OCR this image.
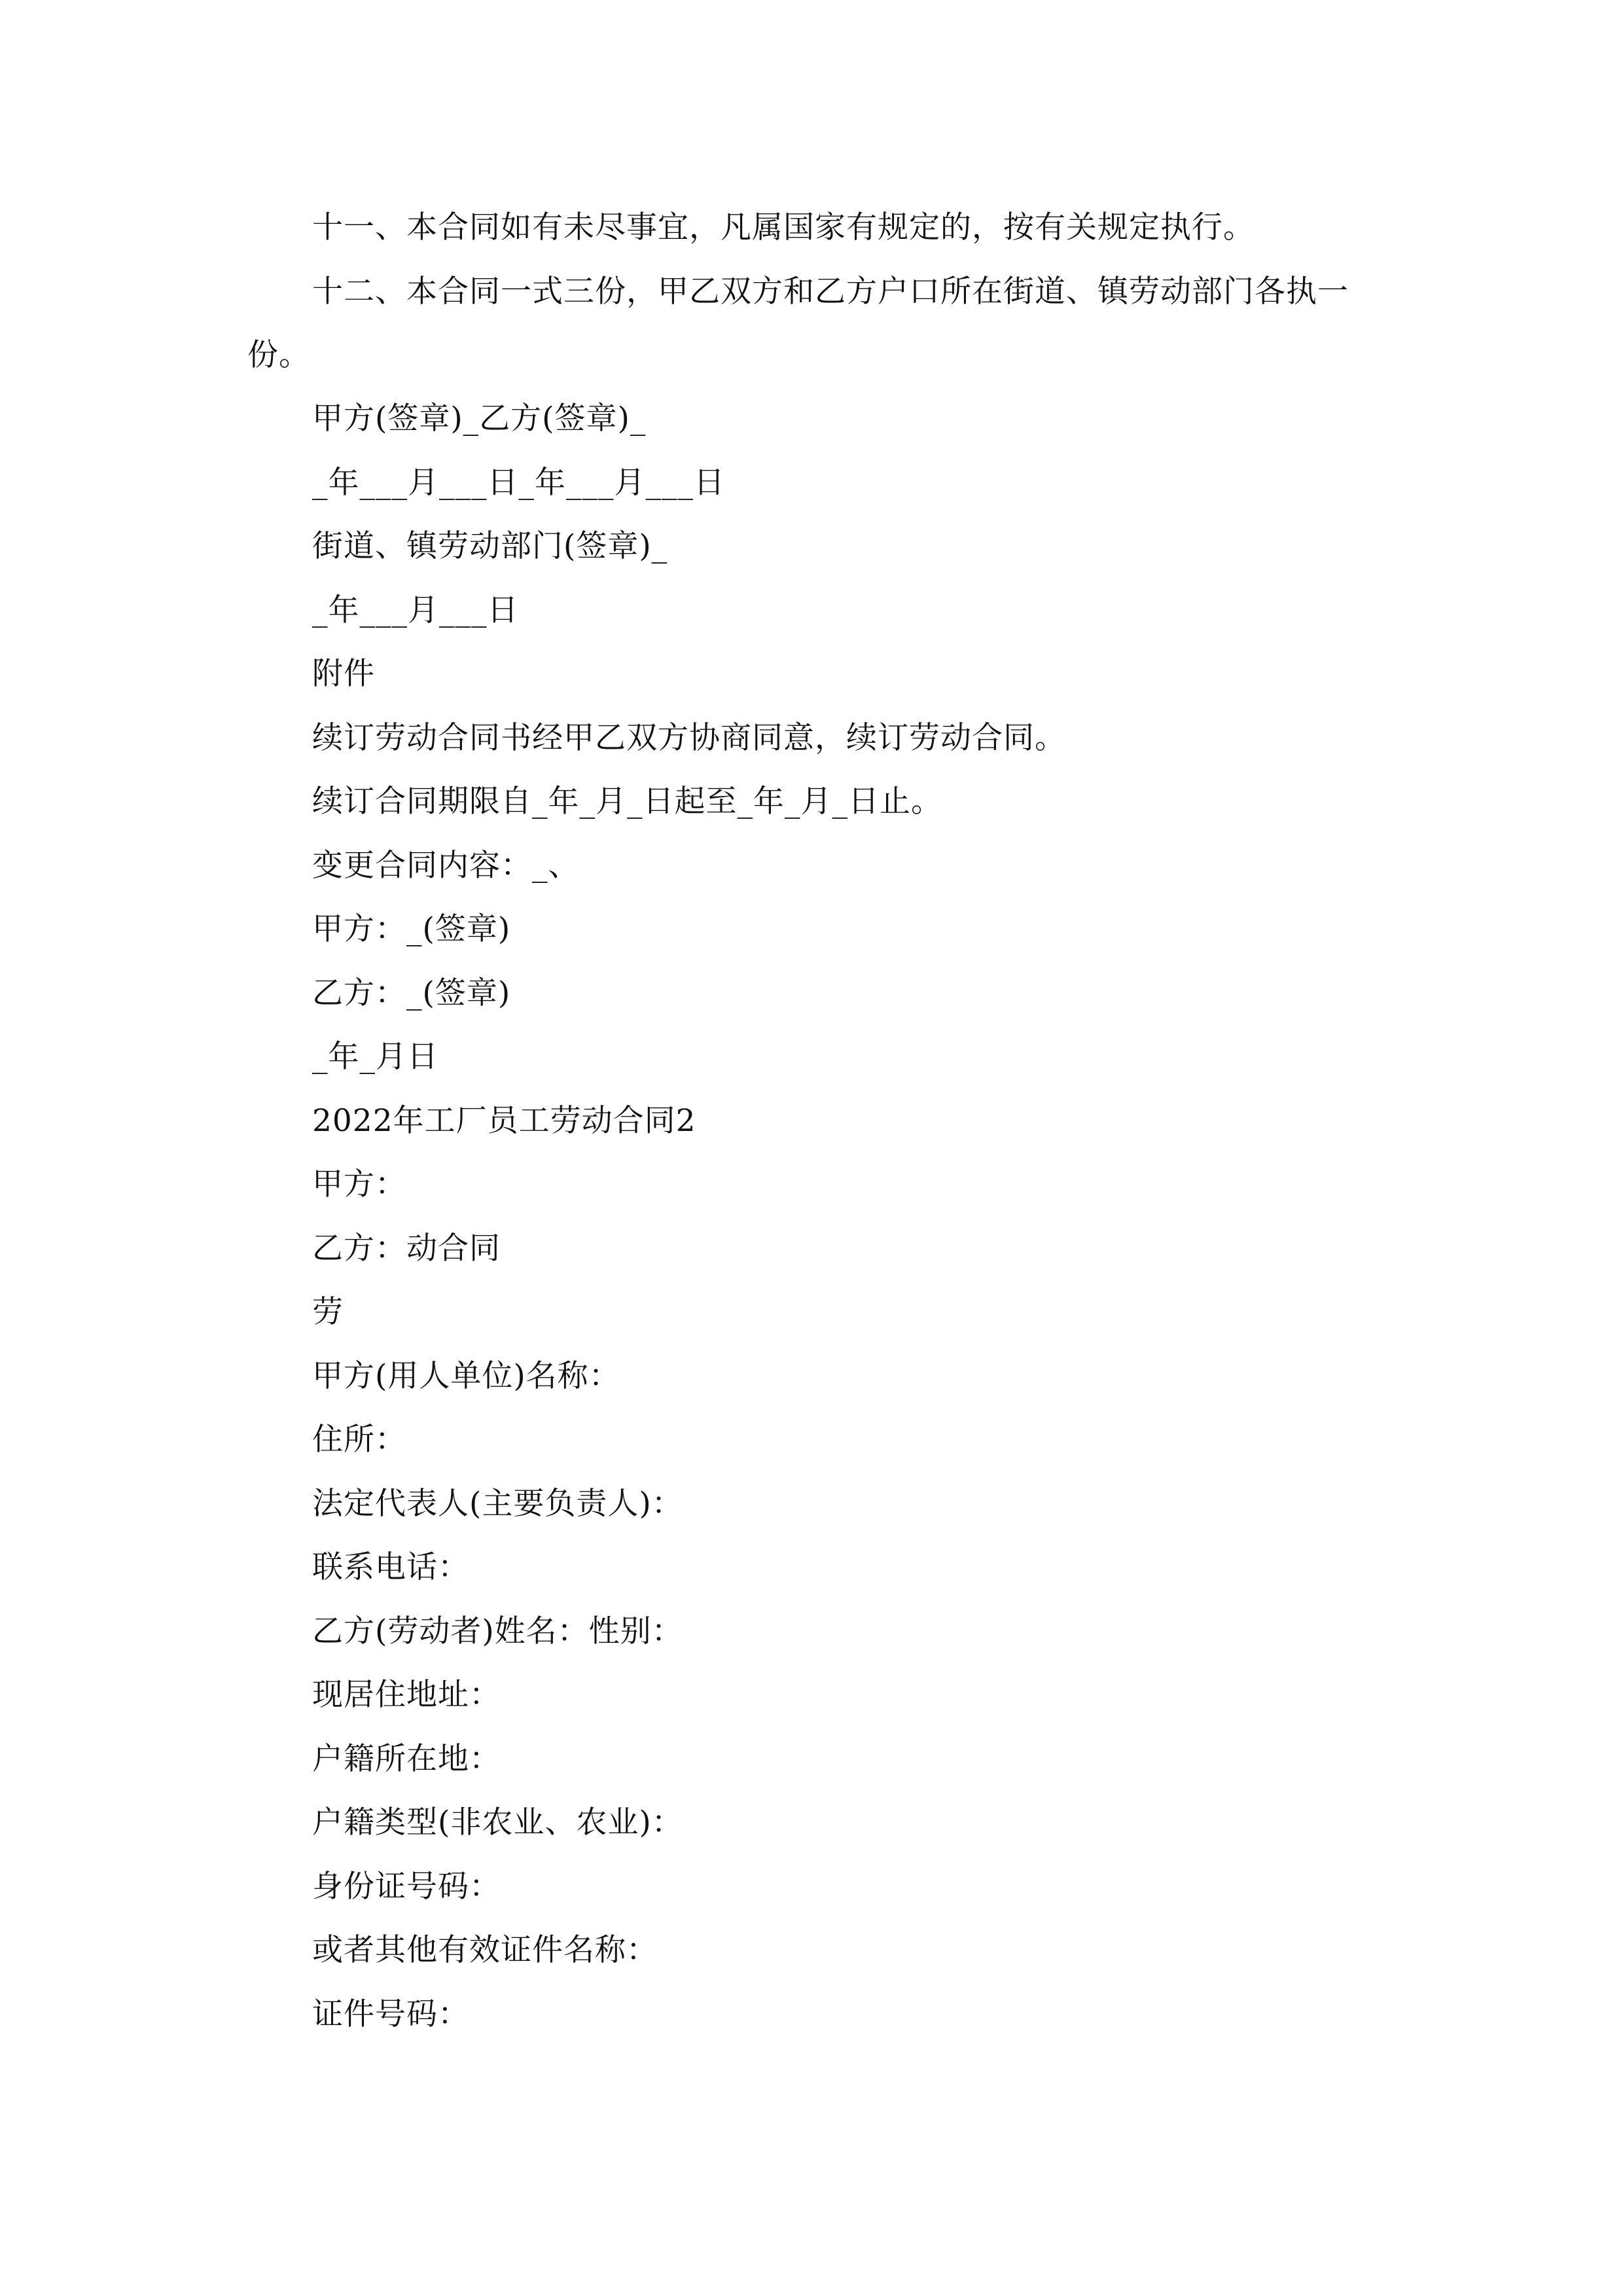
十一、本合同如有未尽事宜，凡属国家有规定的，按有关规定执行。
十二、本合同一式三份，甲乙双方和乙方户口所在街道、镇劳动部门各执一
份。
甲方(签章)_乙方(签章)_
_年___月___日_年___月___日
街道、镇劳动部门(签章)_
_年___月___日
附件
续订劳动合同书经甲乙双方协商同意，续订劳动合同。
续订合同期限自_年_月_日起至_年_月_日止。
变更合同内容：_、
甲方：_(签章)
乙方：_(签章)
_年_月日
2022年工厂员工劳动合同2
甲方：
乙方：动合同
劳
甲方(用人单位)名称：
住所：
法定代表人(主要负责人)：
联系电话：
乙方(劳动者)姓名：性别：
现居住地址：
户籍所在地：
户籍类型(非农业、农业)：
身份证号码：
或者其他有效证件名称：
证件号码：
